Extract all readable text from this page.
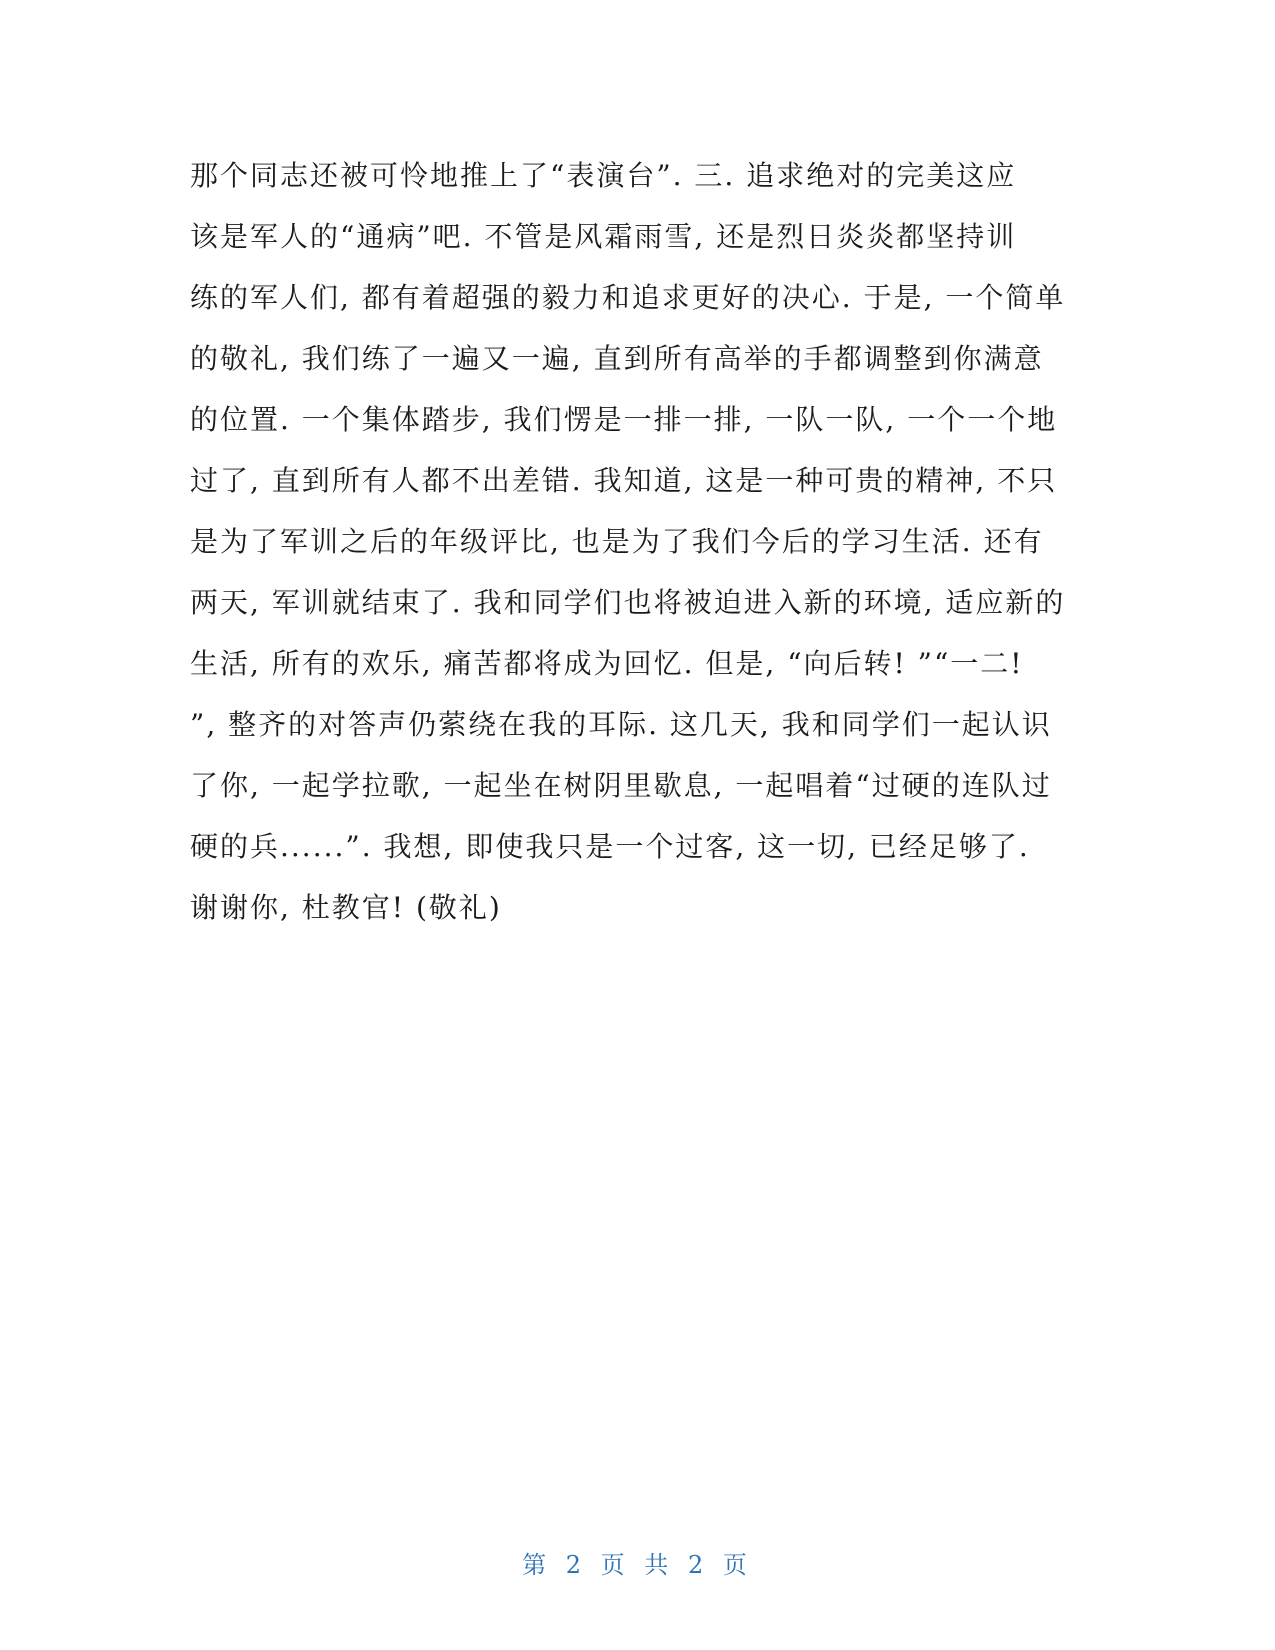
那个同志还被可怜地推上了“表演台”. 三. 追求绝对的完美这应
该是军人的“通病”吧. 不管是风霜雨雪, 还是烈日炎炎都坚持训
练的军人们, 都有着超强的毅力和追求更好的决心. 于是, 一个简单
的敬礼, 我们练了一遍又一遍, 直到所有高举的手都调整到你满意
的位置. 一个集体踏步, 我们愣是一排一排, 一队一队, 一个一个地
过了, 直到所有人都不出差错. 我知道, 这是一种可贵的精神, 不只
是为了军训之后的年级评比, 也是为了我们今后的学习生活. 还有
两天, 军训就结束了. 我和同学们也将被迫进入新的环境, 适应新的
生活, 所有的欢乐, 痛苦都将成为回忆. 但是, “向后转! ”“一二!
”, 整齐的对答声仍萦绕在我的耳际. 这几天, 我和同学们一起认识
了你, 一起学拉歌, 一起坐在树阴里歇息, 一起唱着“过硬的连队过
硬的兵......”. 我想, 即使我只是一个过客, 这一切, 已经足够了.
谢谢你, 杜教官! (敬礼)
第 2 页 共 2 页
